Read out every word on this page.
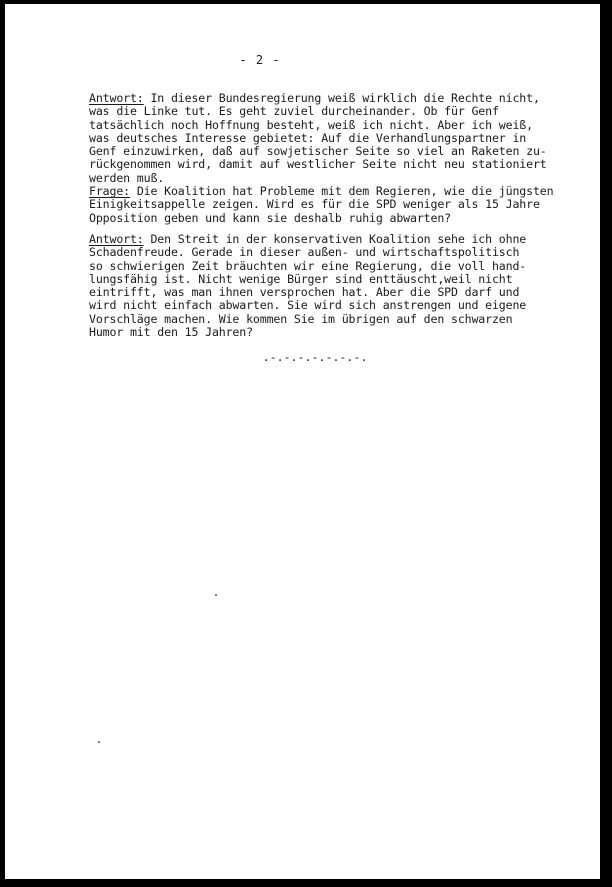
- 2 -
Antwort: In dieser Bundesregierung weiß wirklich die Rechte nicht,
was die Linke tut. Es geht zuviel durcheinander. Ob für Genf
tatsächlich noch Hoffnung besteht, weiß ich nicht. Aber ich weiß,
was deutsches Interesse gebietet: Auf die Verhandlungspartner in
Genf einzuwirken, daß auf sowjetischer Seite so viel an Raketen zu-
rückgenommen wird, damit auf westlicher Seite nicht neu stationiert
werden muß.
Frage: Die Koalition hat Probleme mit dem Regieren, wie die jüngsten
Einigkeitsappelle zeigen. Wird es für die SPD weniger als 15 Jahre
Opposition geben und kann sie deshalb ruhig abwarten?
Antwort: Den Streit in der konservativen Koalition sehe ich ohne
Schadenfreude. Gerade in dieser außen- und wirtschaftspolitisch
so schwierigen Zeit bräuchten wir eine Regierung, die voll hand-
lungsfähig ist. Nicht wenige Bürger sind enttäuscht,weil nicht
eintrifft, was man ihnen versprochen hat. Aber die SPD darf und
wird nicht einfach abwarten. Sie wird sich anstrengen und eigene
Vorschläge machen. Wie kommen Sie im übrigen auf den schwarzen
Humor mit den 15 Jahren?
.-.-.-.-.-.-.-.
